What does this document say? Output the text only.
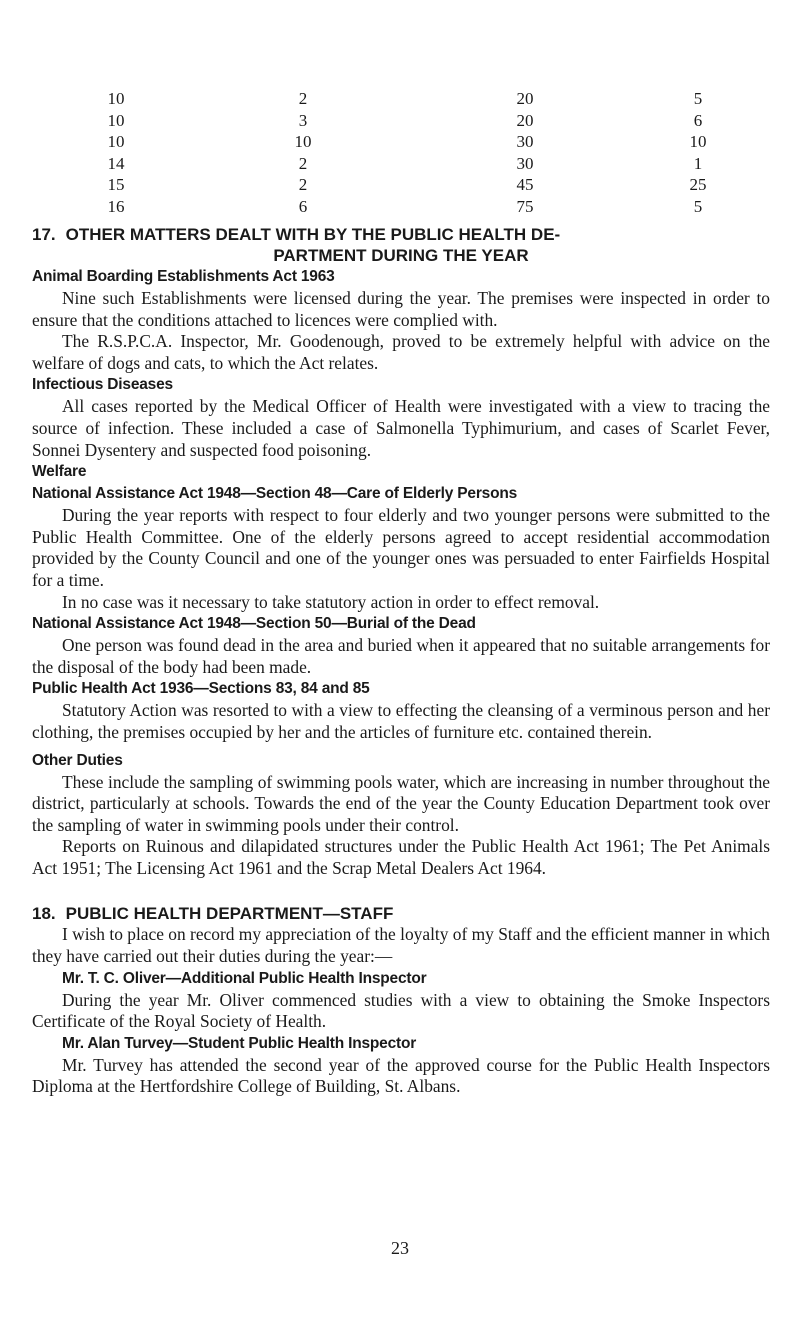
10	2	20	5
10	3	20	6
10	10	30	10
14	2	30	1
15	2	45	25
16	6	75	5
17. OTHER MATTERS DEALT WITH BY THE PUBLIC HEALTH DE-
PARTMENT DURING THE YEAR
Animal Boarding Establishments Act 1963

Nine such Establishments were licensed during the year. The premises were inspected in order to ensure that the conditions attached to licences were complied with.

The R.S.P.C.A. Inspector, Mr. Goodenough, proved to be extremely helpful with advice on the welfare of dogs and cats, to which the Act relates.

Infectious Diseases

All cases reported by the Medical Officer of Health were investigated with a view to tracing the source of infection. These included a case of Salmonella Typhimurium, and cases of Scarlet Fever, Sonnei Dysentery and suspected food poisoning.

Welfare
National Assistance Act 1948—Section 48—Care of Elderly Persons

During the year reports with respect to four elderly and two younger persons were submitted to the Public Health Committee. One of the elderly persons agreed to accept residential accommodation provided by the County Council and one of the younger ones was persuaded to enter Fairfields Hospital for a time.

In no case was it necessary to take statutory action in order to effect removal.

National Assistance Act 1948—Section 50—Burial of the Dead

One person was found dead in the area and buried when it appeared that no suitable arrangements for the disposal of the body had been made.

Public Health Act 1936—Sections 83, 84 and 85

Statutory Action was resorted to with a view to effecting the cleansing of a verminous person and her clothing, the premises occupied by her and the articles of furniture etc. contained therein.

Other Duties

These include the sampling of swimming pools water, which are increasing in number throughout the district, particularly at schools. Towards the end of the year the County Education Department took over the sampling of water in swimming pools under their control.

Reports on Ruinous and dilapidated structures under the Public Health Act 1961; The Pet Animals Act 1951; The Licensing Act 1961 and the Scrap Metal Dealers Act 1964.

18. PUBLIC HEALTH DEPARTMENT—STAFF

I wish to place on record my appreciation of the loyalty of my Staff and the efficient manner in which they have carried out their duties during the year:—

Mr. T. C. Oliver—Additional Public Health Inspector

During the year Mr. Oliver commenced studies with a view to obtaining the Smoke Inspectors Certificate of the Royal Society of Health.

Mr. Alan Turvey—Student Public Health Inspector

Mr. Turvey has attended the second year of the approved course for the Public Health Inspectors Diploma at the Hertfordshire College of Building, St. Albans.

23
